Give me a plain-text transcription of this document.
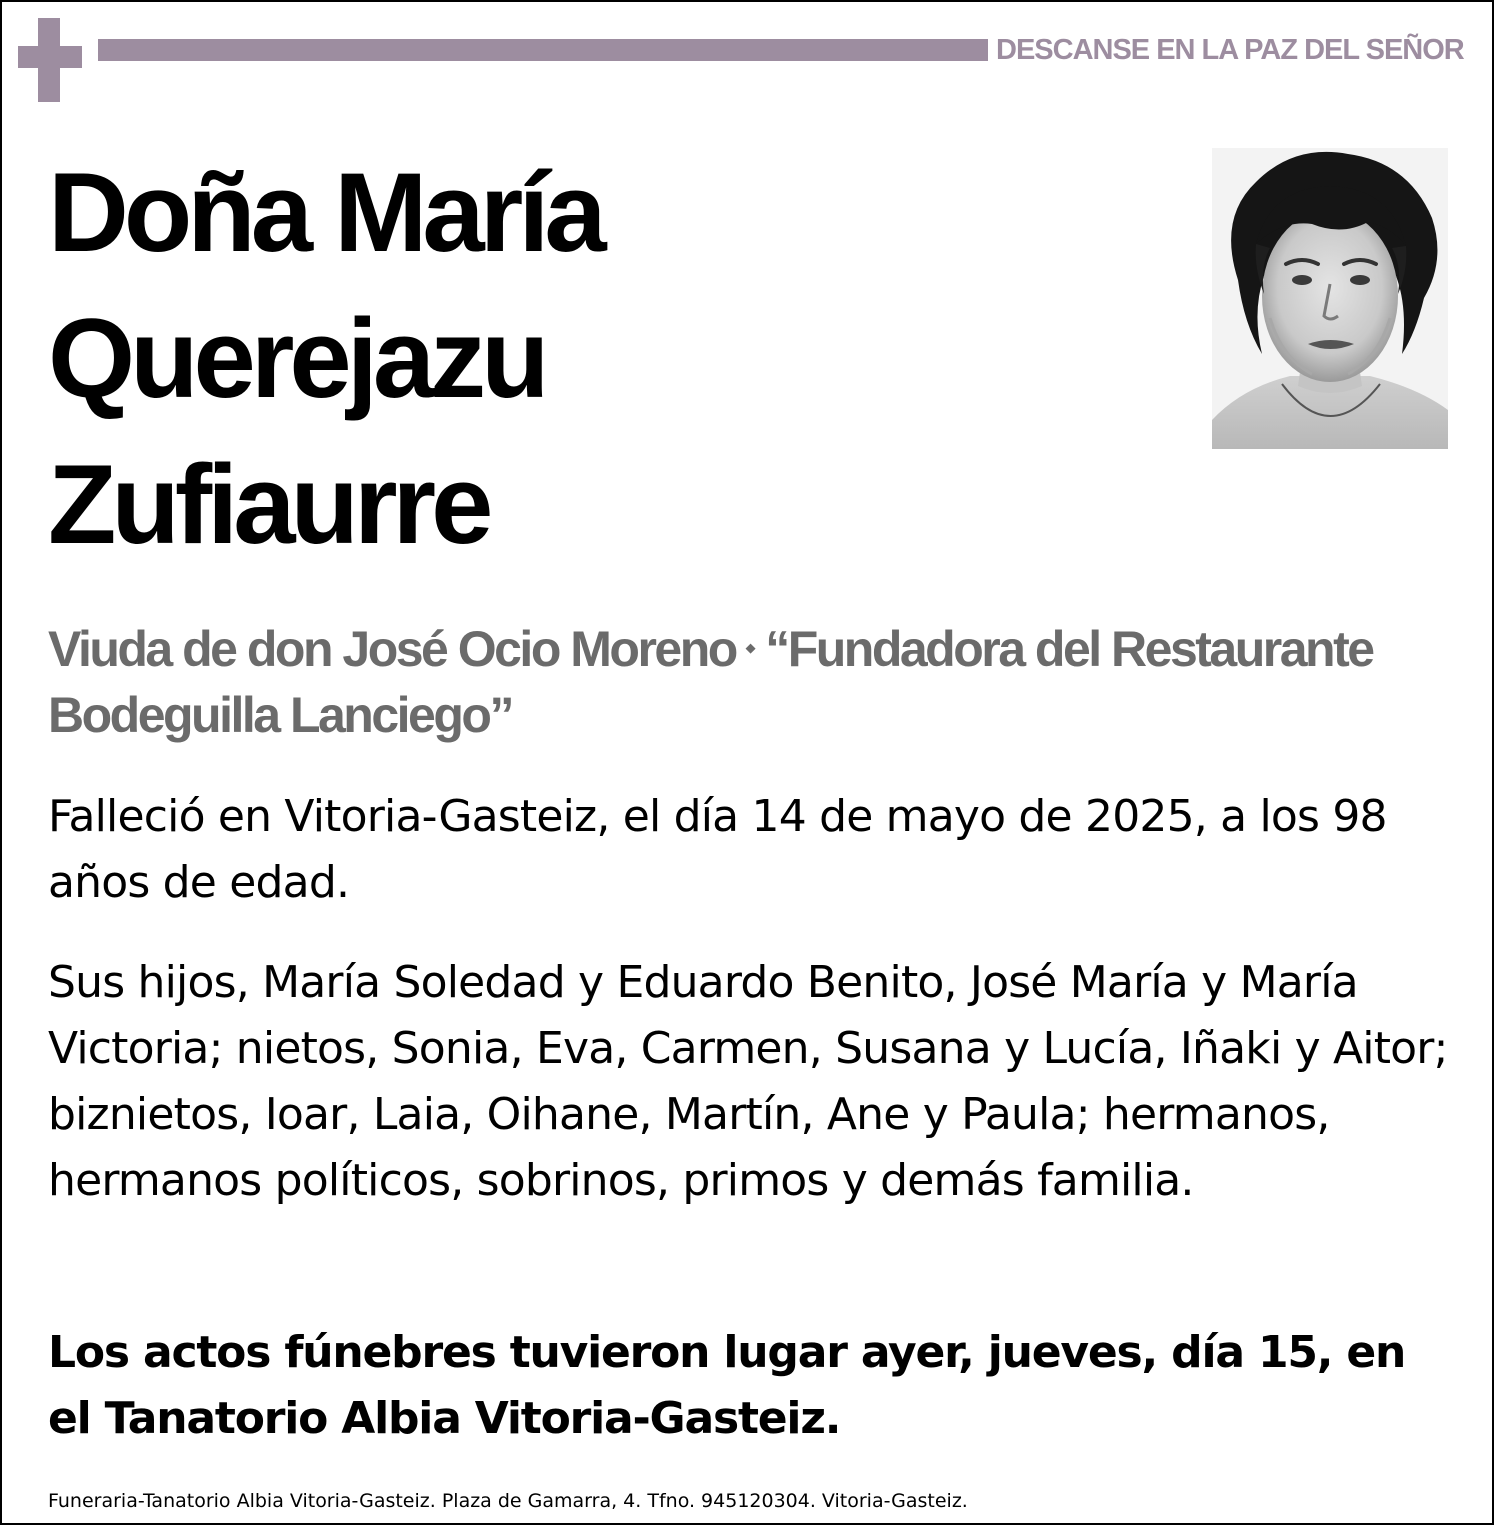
DESCANSE EN LA PAZ DEL SEÑOR
Doña María
Querejazu
Zufiaurre
Viuda de don José Ocio Moreno ⬩ “Fundadora del Restaurante Bodeguilla Lanciego”
Falleció en Vitoria-Gasteiz, el día 14 de mayo de 2025, a los 98 años de edad.
Sus hijos, María Soledad y Eduardo Benito, José María y María Victoria; nietos, Sonia, Eva, Carmen, Susana y Lucía, Iñaki y Aitor; biznietos, Ioar, Laia, Oihane, Martín, Ane y Paula; hermanos, hermanos políticos, sobrinos, primos y demás familia.
Los actos fúnebres tuvieron lugar ayer, jueves, día 15, en el Tanatorio Albia Vitoria-Gasteiz.
Funeraria-Tanatorio Albia Vitoria-Gasteiz. Plaza de Gamarra, 4. Tfno. 945120304. Vitoria-Gasteiz.
